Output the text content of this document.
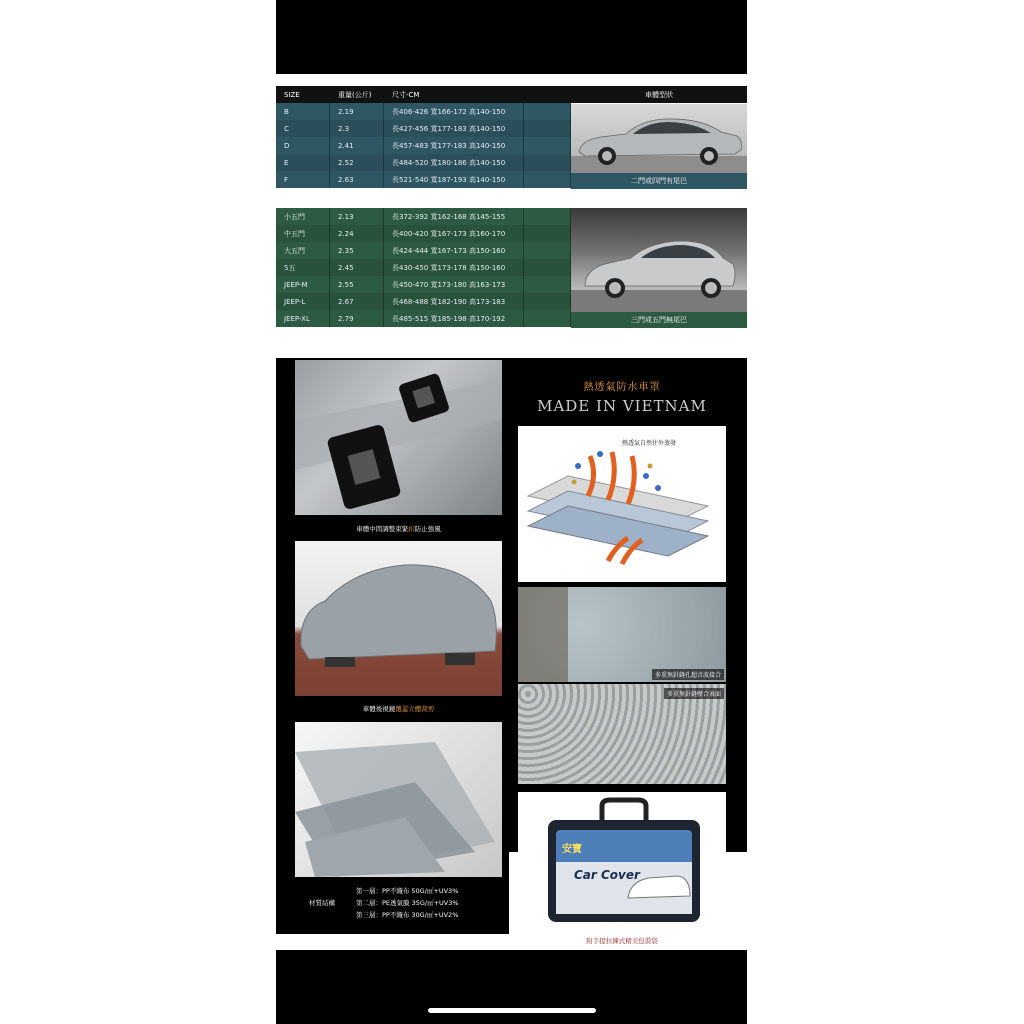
SIZE	重量(公斤)	尺寸-CM	車體型狀
B	2.19	長406-426 寬166-172 高140-150
C	2.3	長427-456 寬177-183 高140-150
D	2.41	長457-483 寬177-183 高140-150
E	2.52	長484-520 寬180-186 高140-150
F	2.63	長521-540 寬187-193 高140-150	二門或四門有尾巴
小五門	2.13	長372-392 寬162-168 高145-155
中五門	2.24	長400-420 寬167-173 高160-170
大五門	2.35	長424-444 寬167-173 高150-160
S五	2.45	長430-450 寬173-178 高150-160
JEEP-M	2.55	長450-470 寬173-180 高163-173
JEEP-L	2.67	長468-488 寬182-190 高173-183
JEEP-XL	2.79	長485-515 寬185-198 高170-192	三門或五門無尾巴
車體中間調整束緊扣防止強風
熱透氣防水車罩
MADE IN VIETNAM
熱透氣自然往外蒸發
車體後視鏡覆蓋立體裁剪
多重無針縫孔超音波接合
多重無針縫壓合表面
材質結構
第一層：PP不織布 50G/㎡+UV3%
第二層：PE透氣膜 35G/㎡+UV3%
第三層：PP不織布 30G/㎡+UV2%
安寶
Car Cover
附手提拉鍊式精美包裝袋
